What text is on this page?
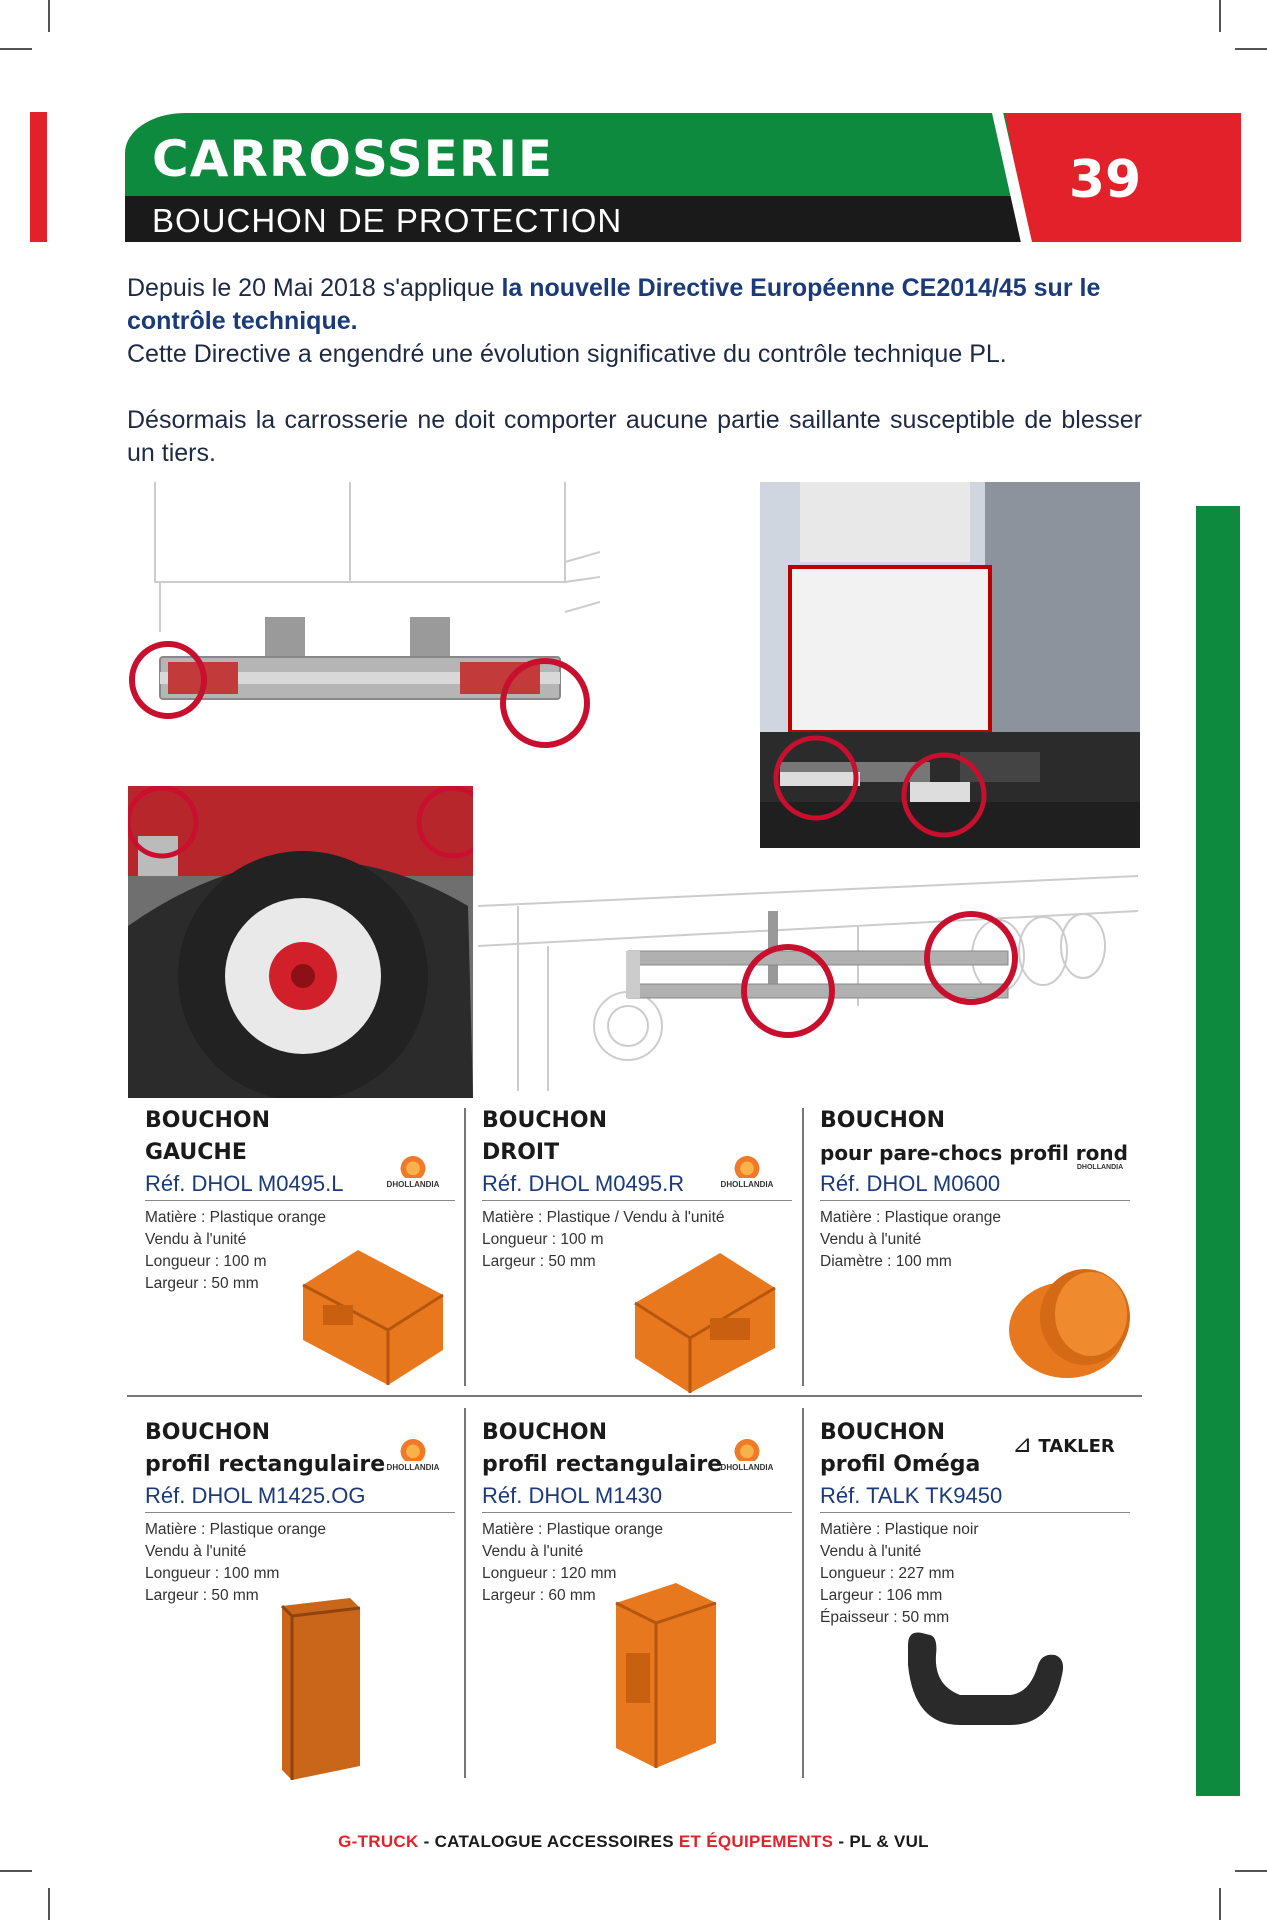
CARROSSERIE
BOUCHON DE PROTECTION
39

Depuis le 20 Mai 2018 s'applique la nouvelle Directive Européenne CE2014/45 sur le contrôle technique.

Cette Directive a engendré une évolution significative du contrôle technique PL.

Désormais la carrosserie ne doit comporter aucune partie saillante susceptible de blesser un tiers.

BOUCHON
GAUCHE
Réf. DHOL M0495.L
Matière : Plastique orange
Vendu à l'unité
Longueur : 100 m
Largeur : 50 mm
DHOLLANDIA
BOUCHON
DROIT
Réf. DHOL M0495.R
Matière : Plastique / Vendu à l'unité
Longueur : 100 m
Largeur : 50 mm
DHOLLANDIA
BOUCHON
pour pare-chocs profil rond
Réf. DHOL M0600
Matière : Plastique orange
Vendu à l'unité
Diamètre : 100 mm
DHOLLANDIA
BOUCHON
profil rectangulaire
Réf. DHOL M1425.OG
Matière : Plastique orange
Vendu à l'unité
Longueur : 100 mm
Largeur : 50 mm
DHOLLANDIA
BOUCHON
profil rectangulaire
Réf. DHOL M1430
Matière : Plastique orange
Vendu à l'unité
Longueur : 120 mm
Largeur : 60 mm
DHOLLANDIA
BOUCHON
profil Oméga
Réf. TALK TK9450
Matière : Plastique noir
Vendu à l'unité
Longueur : 227 mm
Largeur : 106 mm
Épaisseur : 50 mm
⊿ TAKLER
G-TRUCK - CATALOGUE ACCESSOIRES ET ÉQUIPEMENTS - PL & VUL
